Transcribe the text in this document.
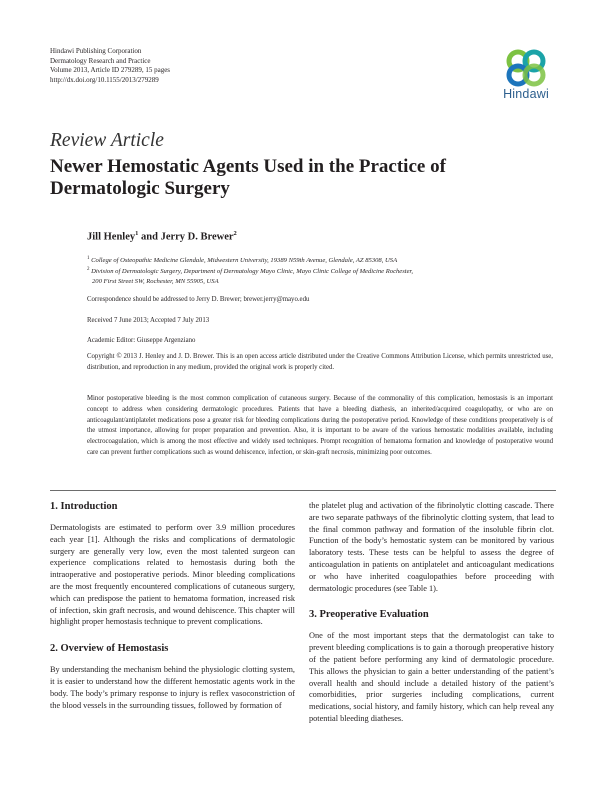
Hindawi Publishing Corporation
Dermatology Research and Practice
Volume 2013, Article ID 279289, 15 pages
http://dx.doi.org/10.1155/2013/279289
Hindawi
Review Article
Newer Hemostatic Agents Used in the Practice of Dermatologic Surgery
Jill Henley$^1$ and Jerry D. Brewer$^2$
$^1$ College of Osteopathic Medicine Glendale, Midwestern University, 19389 N59th Avenue, Glendale, AZ 85308, USA
$^2$ Division of Dermatologic Surgery, Department of Dermatology Mayo Clinic, Mayo Clinic College of Medicine Rochester,
200 First Street SW, Rochester, MN 55905, USA
Correspondence should be addressed to Jerry D. Brewer; brewer.jerry@mayo.edu
Received 7 June 2013; Accepted 7 July 2013
Academic Editor: Giuseppe Argenziano
Copyright © 2013 J. Henley and J. D. Brewer. This is an open access article distributed under the Creative Commons Attribution License, which permits unrestricted use, distribution, and reproduction in any medium, provided the original work is properly cited.
Minor postoperative bleeding is the most common complication of cutaneous surgery. Because of the commonality of this complication, hemostasis is an important concept to address when considering dermatologic procedures. Patients that have a bleeding diathesis, an inherited/acquired coagulopathy, or who are on anticoagulant/antiplatelet medications pose a greater risk for bleeding complications during the postoperative period. Knowledge of these conditions preoperatively is of the utmost importance, allowing for proper preparation and prevention. Also, it is important to be aware of the various hemostatic modalities available, including electrocoagulation, which is among the most effective and widely used techniques. Prompt recognition of hematoma formation and knowledge of postoperative wound care can prevent further complications such as wound dehiscence, infection, or skin-graft necrosis, minimizing poor outcomes.
1. Introduction

Dermatologists are estimated to perform over 3.9 million procedures each year [1]. Although the risks and complications of dermatologic surgery are generally very low, even the most talented surgeon can experience complications related to hemostasis during both the intraoperative and postoperative periods. Minor bleeding complications are the most frequently encountered complications of cutaneous surgery, which can predispose the patient to hematoma formation, increased risk of infection, skin graft necrosis, and wound dehiscence. This chapter will highlight proper hemostasis technique to prevent complications.

2. Overview of Hemostasis

By understanding the mechanism behind the physiologic clotting system, it is easier to understand how the different hemostatic agents work in the body. The body’s primary response to injury is reflex vasoconstriction of the blood vessels in the surrounding tissues, followed by formation of

the platelet plug and activation of the fibrinolytic clotting cascade. There are two separate pathways of the fibrinolytic clotting system, that lead to the final common pathway and formation of the insoluble fibrin clot. Function of the body’s hemostatic system can be monitored by various laboratory tests. These tests can be helpful to assess the degree of anticoagulation in patients on antiplatelet and anticoagulant medications or who have inherited coagulopathies before proceeding with dermatologic procedures (see Table 1).

3. Preoperative Evaluation

One of the most important steps that the dermatologist can take to prevent bleeding complications is to gain a thorough preoperative history of the patient before performing any kind of dermatologic procedure. This allows the physician to gain a better understanding of the patient’s overall health and should include a detailed history of the patient’s comorbidities, prior surgeries including complications, current medications, social history, and family history, which can help reveal any potential bleeding diatheses.
